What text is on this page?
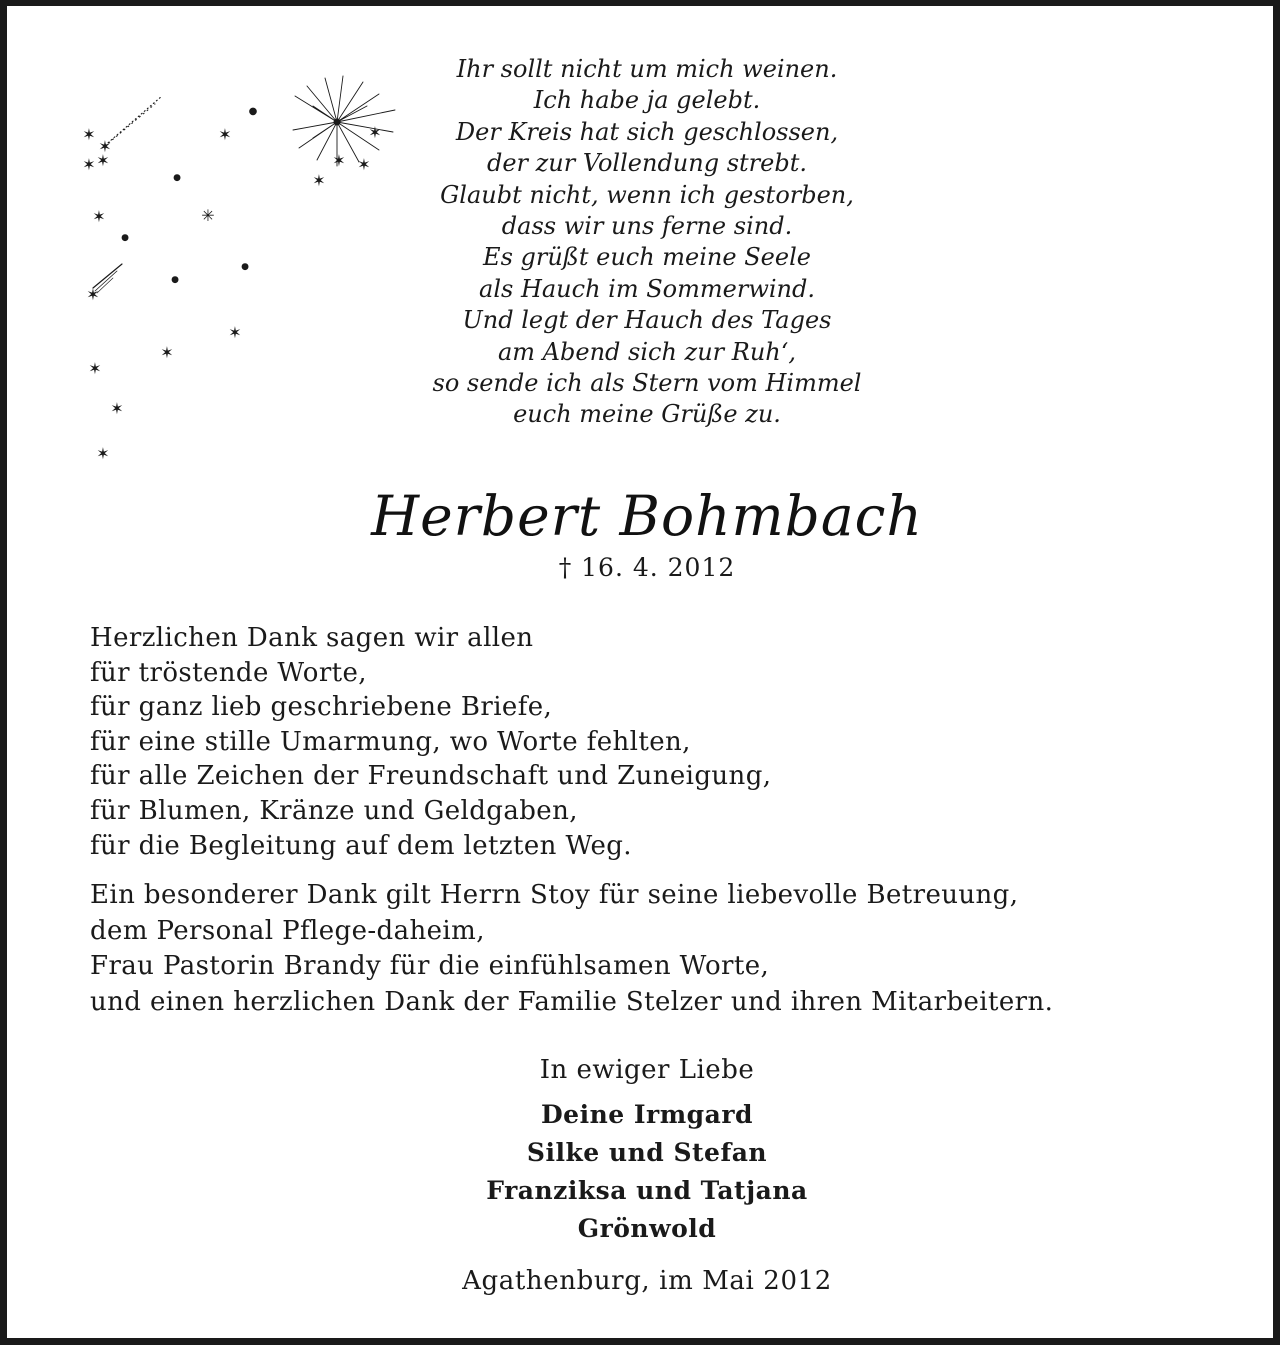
✶
✶
✶ ✶
✶
●
●
✶
●
✳
●
●
✶
✶
✶
✶
✶
✶
✶
✶ ✶
✶
Ihr sollt nicht um mich weinen.
Ich habe ja gelebt.
Der Kreis hat sich geschlossen,
der zur Vollendung strebt.
Glaubt nicht, wenn ich gestorben,
dass wir uns ferne sind.
Es grüßt euch meine Seele
als Hauch im Sommerwind.
Und legt der Hauch des Tages
am Abend sich zur Ruh‘,
so sende ich als Stern vom Himmel
euch meine Grüße zu.
Herbert Bohmbach
† 16. 4. 2012
Herzlichen Dank sagen wir allen
für tröstende Worte,
für ganz lieb geschriebene Briefe,
für eine stille Umarmung, wo Worte fehlten,
für alle Zeichen der Freundschaft und Zuneigung,
für Blumen, Kränze und Geldgaben,
für die Begleitung auf dem letzten Weg.
Ein besonderer Dank gilt Herrn Stoy für seine liebevolle Betreuung,
dem Personal Pflege-daheim,
Frau Pastorin Brandy für die einfühlsamen Worte,
und einen herzlichen Dank der Familie Stelzer und ihren Mitarbeitern.
In ewiger Liebe
Deine Irmgard
Silke und Stefan
Franziksa und Tatjana
Grönwold
Agathenburg, im Mai 2012
